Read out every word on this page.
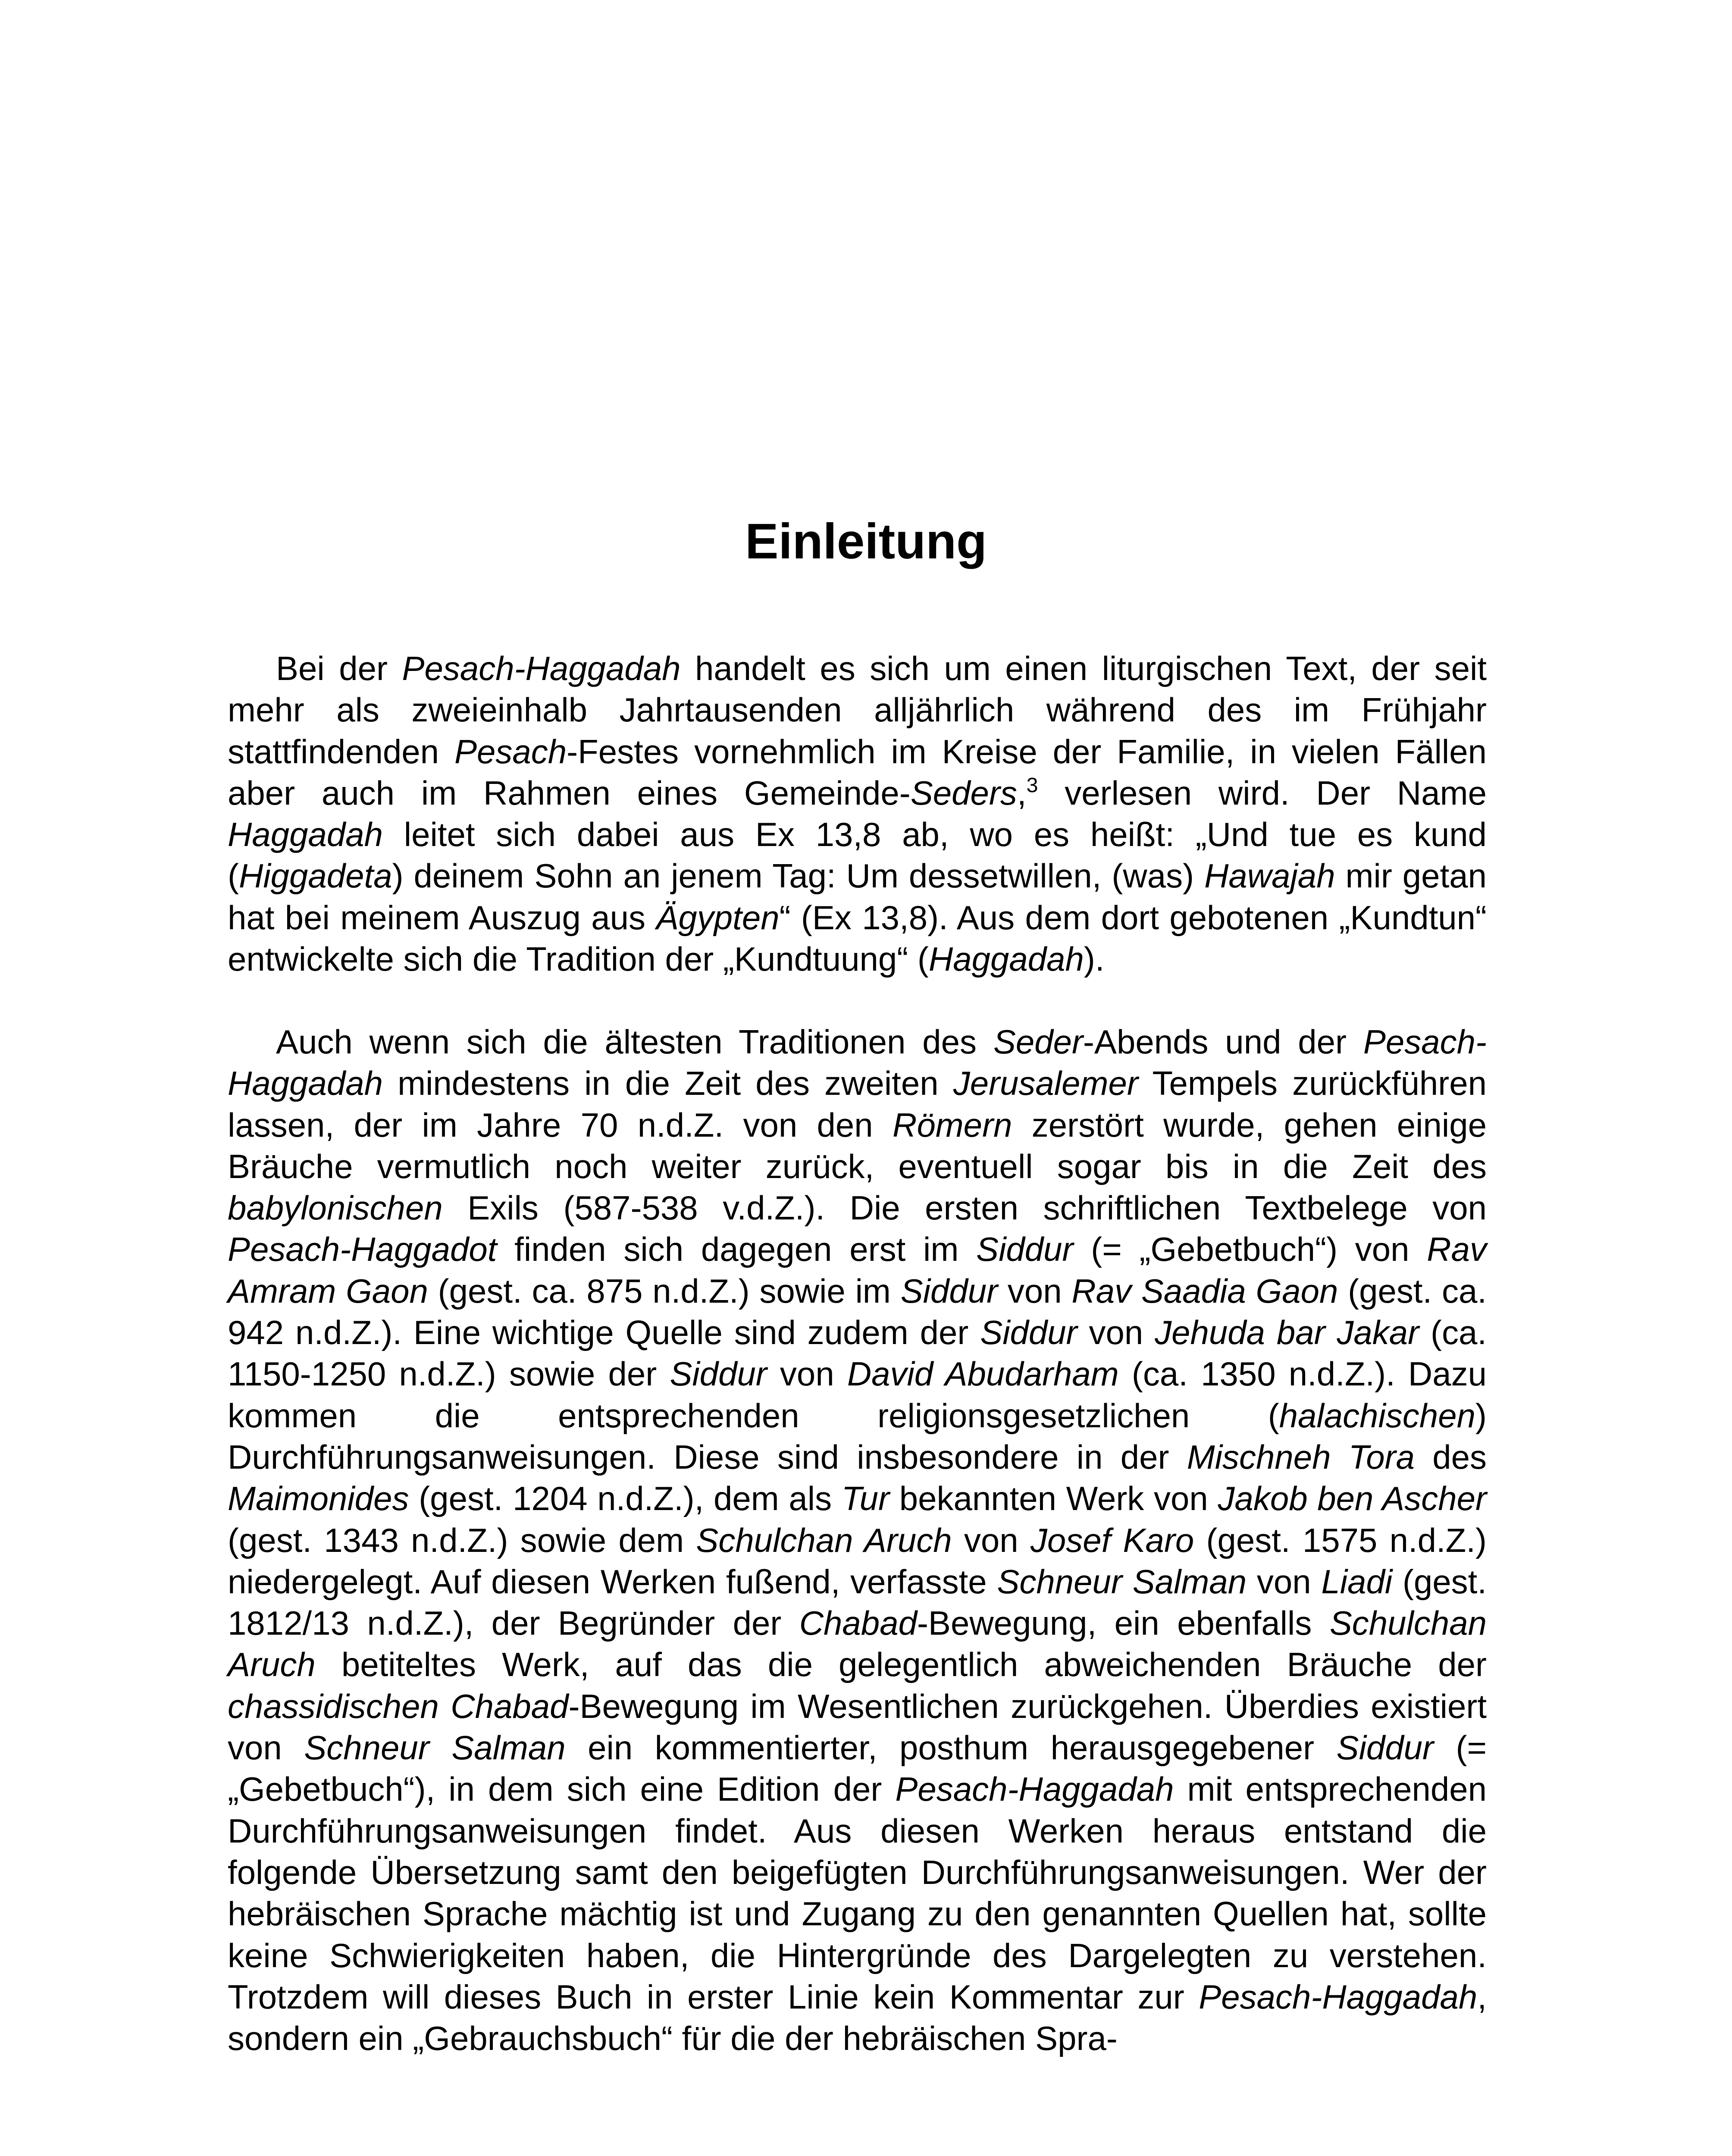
Einleitung

Bei der Pesach-Haggadah handelt es sich um einen liturgischen Text, der seit mehr als zweieinhalb Jahrtausenden alljährlich während des im Frühjahr stattfindenden Pesach-Festes vornehmlich im Kreise der Familie, in vielen Fällen aber auch im Rahmen eines Gemeinde-Seders,$^3$ verlesen wird. Der Name Haggadah leitet sich dabei aus Ex 13,8 ab, wo es heißt: „Und tue es kund (Higgadeta) deinem Sohn an jenem Tag: Um dessetwillen, (was) Hawajah mir getan hat bei meinem Auszug aus Ägypten“ (Ex 13,8). Aus dem dort gebotenen „Kundtun“ entwickelte sich die Tradition der „Kundtuung“ (Haggadah).

Auch wenn sich die ältesten Traditionen des Seder-Abends und der Pesach-Haggadah mindestens in die Zeit des zweiten Jerusalemer Tempels zurückführen lassen, der im Jahre 70 n.d.Z. von den Römern zerstört wurde, gehen einige Bräuche vermutlich noch weiter zurück, eventuell sogar bis in die Zeit des babylonischen Exils (587-538 v.d.Z.). Die ersten schriftlichen Textbelege von Pesach-Haggadot finden sich dagegen erst im Siddur (= „Gebetbuch“) von Rav Amram Gaon (gest. ca. 875 n.d.Z.) sowie im Siddur von Rav Saadia Gaon (gest. ca. 942 n.d.Z.). Eine wichtige Quelle sind zudem der Siddur von Jehuda bar Jakar (ca. 1150-1250 n.d.Z.) sowie der Siddur von David Abudarham (ca. 1350 n.d.Z.). Dazu kommen die entsprechenden religionsgesetzlichen (halachischen) Durchführungsanweisungen. Diese sind insbesondere in der Mischneh Tora des Maimonides (gest. 1204 n.d.Z.), dem als Tur bekannten Werk von Jakob ben Ascher (gest. 1343 n.d.Z.) sowie dem Schulchan Aruch von Josef Karo (gest. 1575 n.d.Z.) niedergelegt. Auf diesen Werken fußend, verfasste Schneur Salman von Liadi (gest. 1812/13 n.d.Z.), der Begründer der Chabad-Bewegung, ein ebenfalls Schulchan Aruch betiteltes Werk, auf das die gelegentlich abweichenden Bräuche der chassidischen Chabad-Bewegung im Wesentlichen zurückgehen. Überdies existiert von Schneur Salman ein kommentierter, posthum herausgegebener Siddur (= „Gebetbuch“), in dem sich eine Edition der Pesach-Haggadah mit entsprechenden Durchführungsanweisungen findet. Aus diesen Werken heraus entstand die folgende Übersetzung samt den beigefügten Durchführungsanweisungen. Wer der hebräischen Sprache mächtig ist und Zugang zu den genannten Quellen hat, sollte keine Schwierigkeiten haben, die Hintergründe des Dargelegten zu verstehen. Trotzdem will dieses Buch in erster Linie kein Kommentar zur Pesach-Haggadah, sondern ein „Gebrauchsbuch“ für die der hebräischen Spra-
